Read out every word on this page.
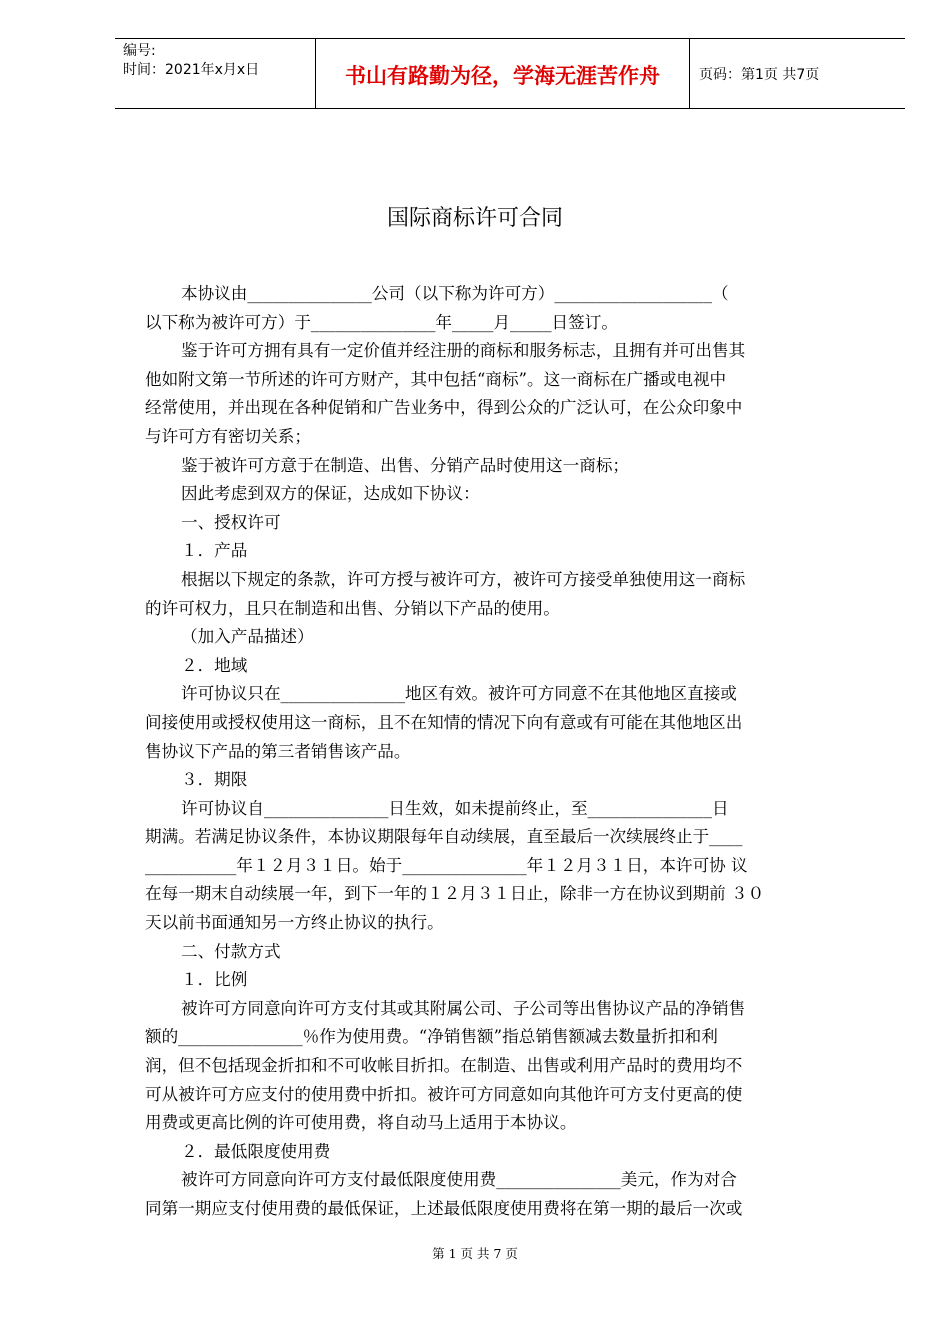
编号:
时间：2021年x月x日	书山有路勤为径，学海无涯苦作舟	页码：第1页 共7页
国际商标许可合同
本协议由_______________公司（以下称为许可方）___________________（
以下称为被许可方）于_______________年_____月_____日签订。
鉴于许可方拥有具有一定价值并经注册的商标和服务标志，且拥有并可出售其
他如附文第一节所述的许可方财产，其中包括“商标”。这一商标在广播或电视中
经常使用，并出现在各种促销和广告业务中，得到公众的广泛认可，在公众印象中
与许可方有密切关系；
鉴于被许可方意于在制造、出售、分销产品时使用这一商标；
因此考虑到双方的保证，达成如下协议：
一、授权许可
１．产品
根据以下规定的条款，许可方授与被许可方，被许可方接受单独使用这一商标
的许可权力，且只在制造和出售、分销以下产品的使用。
（加入产品描述）
２．地域
许可协议只在_______________地区有效。被许可方同意不在其他地区直接或
间接使用或授权使用这一商标，且不在知情的情况下向有意或有可能在其他地区出
售协议下产品的第三者销售该产品。
３．期限
许可协议自_______________日生效，如未提前终止，至_______________日
期满。若满足协议条件，本协议期限每年自动续展，直至最后一次续展终止于____
___________年１２月３１日。始于_______________年１２月３１日，本许可协 议
在每一期末自动续展一年，到下一年的１２月３１日止，除非一方在协议到期前 ３０
天以前书面通知另一方终止协议的执行。
二、付款方式
１．比例
被许可方同意向许可方支付其或其附属公司、子公司等出售协议产品的净销售
额的_______________％作为使用费。“净销售额”指总销售额减去数量折扣和利
润，但不包括现金折扣和不可收帐目折扣。在制造、出售或利用产品时的费用均不
可从被许可方应支付的使用费中折扣。被许可方同意如向其他许可方支付更高的使
用费或更高比例的许可使用费，将自动马上适用于本协议。
２．最低限度使用费
被许可方同意向许可方支付最低限度使用费_______________美元，作为对合
同第一期应支付使用费的最低保证，上述最低限度使用费将在第一期的最后一次或
第 1 页 共 7 页
